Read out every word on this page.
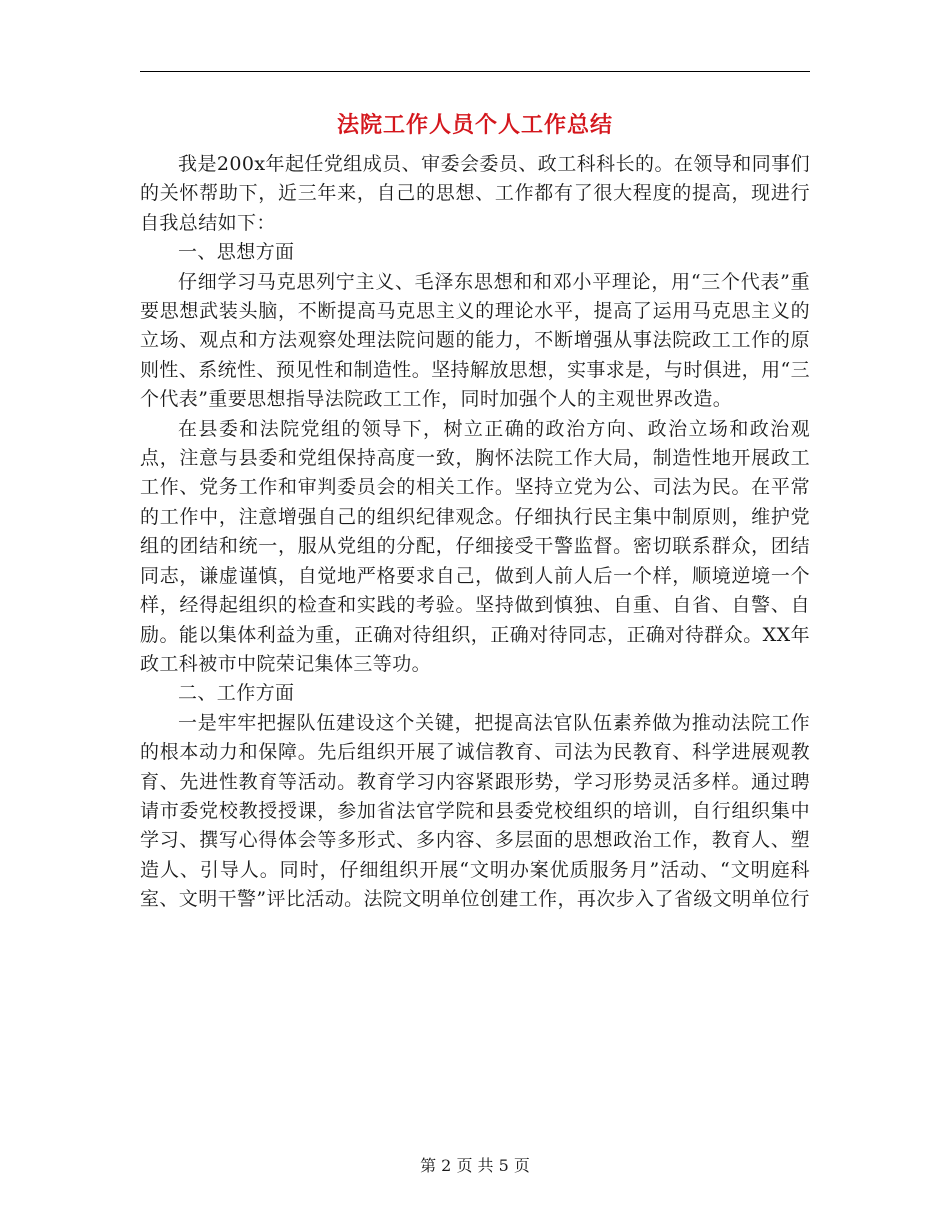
法院工作人员个人工作总结

我是200x年起任党组成员、审委会委员、政工科科长的。在领导和同事们的关怀帮助下，近三年来，自己的思想、工作都有了很大程度的提高，现进行自我总结如下：

一、思想方面

仔细学习马克思列宁主义、毛泽东思想和和邓小平理论，用“三个代表”重要思想武装头脑，不断提高马克思主义的理论水平，提高了运用马克思主义的立场、观点和方法观察处理法院问题的能力，不断增强从事法院政工工作的原则性、系统性、预见性和制造性。坚持解放思想，实事求是，与时俱进，用“三个代表”重要思想指导法院政工工作，同时加强个人的主观世界改造。

在县委和法院党组的领导下，树立正确的政治方向、政治立场和政治观点，注意与县委和党组保持高度一致，胸怀法院工作大局，制造性地开展政工工作、党务工作和审判委员会的相关工作。坚持立党为公、司法为民。在平常的工作中，注意增强自己的组织纪律观念。仔细执行民主集中制原则，维护党组的团结和统一，服从党组的分配，仔细接受干警监督。密切联系群众，团结同志，谦虚谨慎，自觉地严格要求自己，做到人前人后一个样，顺境逆境一个样，经得起组织的检查和实践的考验。坚持做到慎独、自重、自省、自警、自励。能以集体利益为重，正确对待组织，正确对待同志，正确对待群众。XX年政工科被市中院荣记集体三等功。

二、工作方面

一是牢牢把握队伍建设这个关键，把提高法官队伍素养做为推动法院工作的根本动力和保障。先后组织开展了诚信教育、司法为民教育、科学进展观教育、先进性教育等活动。教育学习内容紧跟形势，学习形势灵活多样。通过聘请市委党校教授授课，参加省法官学院和县委党校组织的培训，自行组织集中学习、撰写心得体会等多形式、多内容、多层面的思想政治工作，教育人、塑造人、引导人。同时，仔细组织开展“文明办案优质服务月”活动、“文明庭科室、文明干警”评比活动。法院文明单位创建工作，再次步入了省级文明单位行

第 2 页 共 5 页
